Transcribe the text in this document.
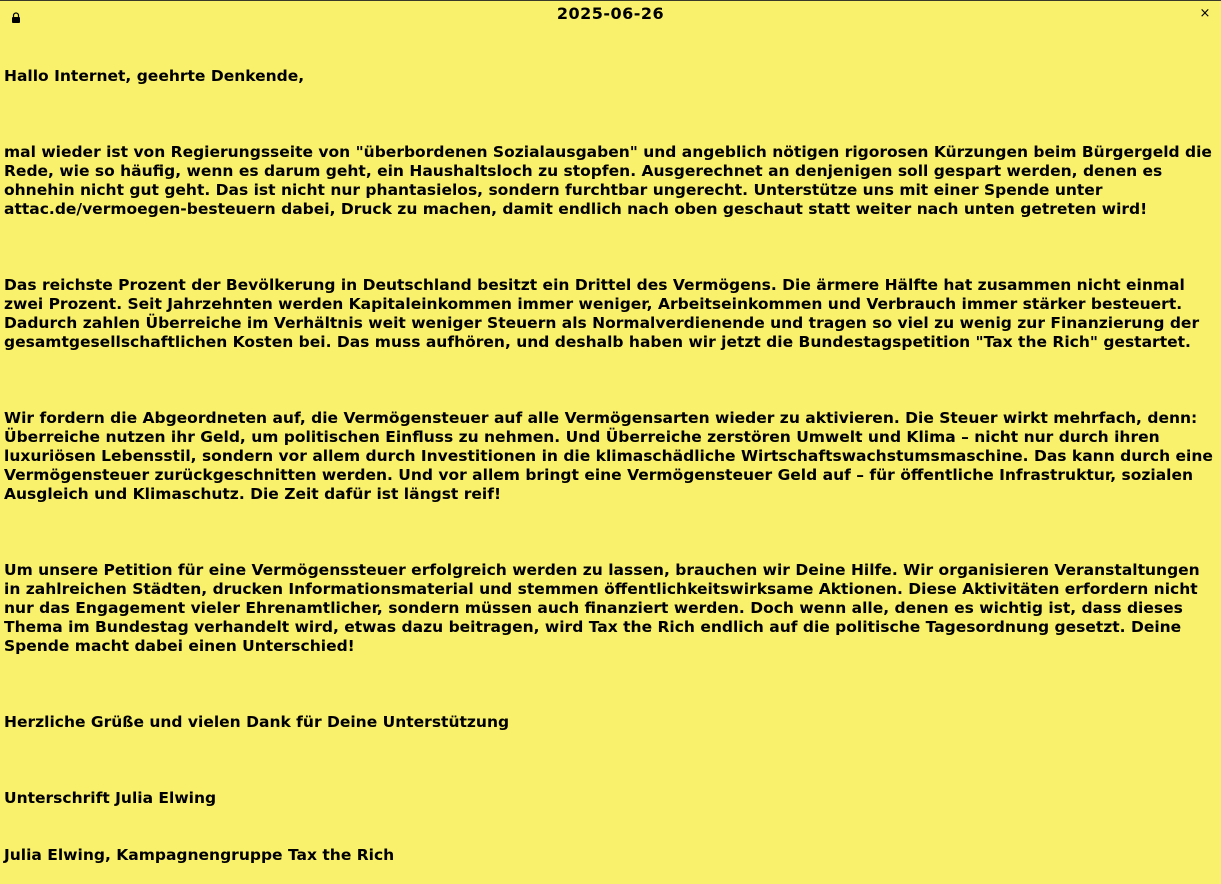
2025-06-26	×

Hallo Internet, geehrte Denkende,

mal wieder ist von Regierungsseite von "überbordenen Sozialausgaben" und angeblich nötigen rigorosen Kürzungen beim Bürgergeld die Rede, wie so häufig, wenn es darum geht, ein Haushaltsloch zu stopfen. Ausgerechnet an denjenigen soll gespart werden, denen es ohnehin nicht gut geht. Das ist nicht nur phantasielos, sondern furchtbar ungerecht. Unterstütze uns mit einer Spende unter attac.de/vermoegen-besteuern dabei, Druck zu machen, damit endlich nach oben geschaut statt weiter nach unten getreten wird!

Das reichste Prozent der Bevölkerung in Deutschland besitzt ein Drittel des Vermögens. Die ärmere Hälfte hat zusammen nicht einmal zwei Prozent. Seit Jahrzehnten werden Kapitaleinkommen immer weniger, Arbeitseinkommen und Verbrauch immer stärker besteuert. Dadurch zahlen Überreiche im Verhältnis weit weniger Steuern als Normalverdienende und tragen so viel zu wenig zur Finanzierung der gesamtgesellschaftlichen Kosten bei. Das muss aufhören, und deshalb haben wir jetzt die Bundestagspetition "Tax the Rich" gestartet.

Wir fordern die Abgeordneten auf, die Vermögensteuer auf alle Vermögensarten wieder zu aktivieren. Die Steuer wirkt mehrfach, denn: Überreiche nutzen ihr Geld, um politischen Einfluss zu nehmen. Und Überreiche zerstören Umwelt und Klima – nicht nur durch ihren luxuriösen Lebensstil, sondern vor allem durch Investitionen in die klimaschädliche Wirtschaftswachstumsmaschine. Das kann durch eine Vermögensteuer zurückgeschnitten werden. Und vor allem bringt eine Vermögensteuer Geld auf – für öffentliche Infrastruktur, sozialen Ausgleich und Klimaschutz. Die Zeit dafür ist längst reif!

Um unsere Petition für eine Vermögenssteuer erfolgreich werden zu lassen, brauchen wir Deine Hilfe. Wir organisieren Veranstaltungen in zahlreichen Städten, drucken Informationsmaterial und stemmen öffentlichkeitswirksame Aktionen. Diese Aktivitäten erfordern nicht nur das Engagement vieler Ehrenamtlicher, sondern müssen auch finanziert werden. Doch wenn alle, denen es wichtig ist, dass dieses Thema im Bundestag verhandelt wird, etwas dazu beitragen, wird Tax the Rich endlich auf die politische Tagesordnung gesetzt. Deine Spende macht dabei einen Unterschied!

Herzliche Grüße und vielen Dank für Deine Unterstützung

Unterschrift Julia Elwing

Julia Elwing, Kampagnengruppe Tax the Rich
